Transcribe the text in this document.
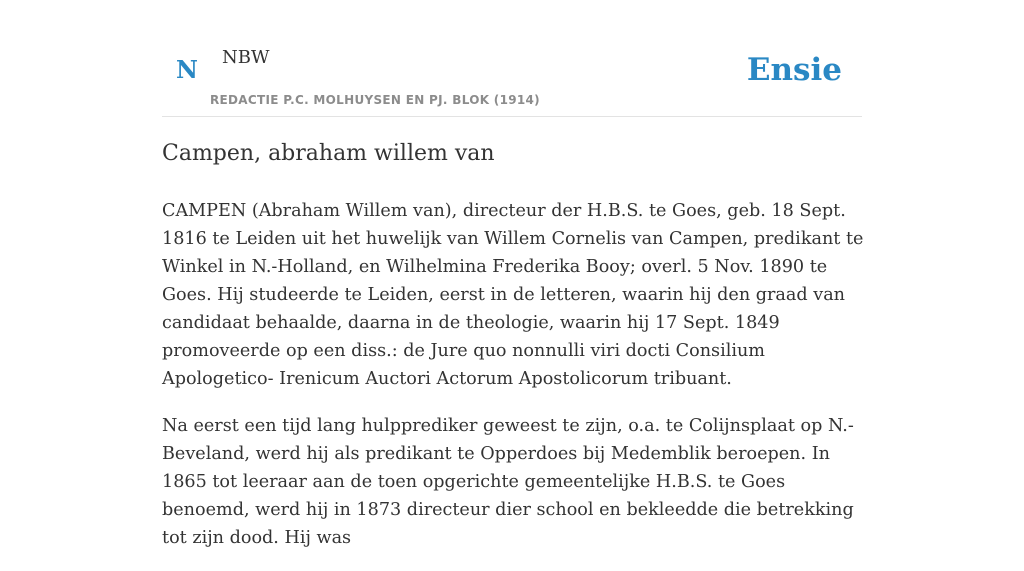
N NBW
REDACTIE P.C. MOLHUYSEN EN PJ. BLOK (1914)
Ensie
Campen, abraham willem van

CAMPEN (Abraham Willem van), directeur der H.B.S. te Goes, geb. 18 Sept. 1816 te Leiden uit het huwelijk van Willem Cornelis van Campen, predikant te Winkel in N.-Holland, en Wilhelmina Frederika Booy; overl. 5 Nov. 1890 te Goes. Hij studeerde te Leiden, eerst in de letteren, waarin hij den graad van candidaat behaalde, daarna in de theologie, waarin hij 17 Sept. 1849 promoveerde op een diss.: de Jure quo nonnulli viri docti Consilium Apologetico- Irenicum Auctori Actorum Apostolicorum tribuant.

Na eerst een tijd lang hulpprediker geweest te zijn, o.a. te Colijnsplaat op N.-Beveland, werd hij als predikant te Opperdoes bij Medemblik beroepen. In 1865 tot leeraar aan de toen opgerichte gemeentelijke H.B.S. te Goes benoemd, werd hij in 1873 directeur dier school en bekleedde die betrekking tot zijn dood. Hij was
